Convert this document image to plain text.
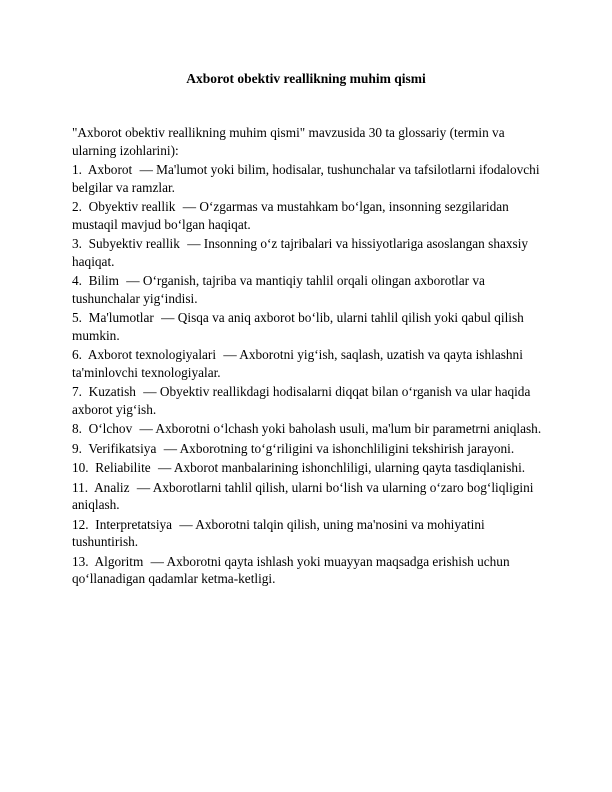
Axborot obektiv reallikning muhim qismi

"Axborot obektiv reallikning muhim qismi" mavzusida 30 ta glossariy (termin va ularning izohlarini):

1. Axborot — Ma'lumot yoki bilim, hodisalar, tushunchalar va tafsilotlarni ifodalovchi belgilar va ramzlar.

2. Obyektiv reallik — O‘zgarmas va mustahkam bo‘lgan, insonning sezgilaridan mustaqil mavjud bo‘lgan haqiqat.

3. Subyektiv reallik — Insonning o‘z tajribalari va hissiyotlariga asoslangan shaxsiy haqiqat.

4. Bilim — O‘rganish, tajriba va mantiqiy tahlil orqali olingan axborotlar va tushunchalar yig‘indisi.

5. Ma'lumotlar — Qisqa va aniq axborot bo‘lib, ularni tahlil qilish yoki qabul qilish mumkin.

6. Axborot texnologiyalari — Axborotni yig‘ish, saqlash, uzatish va qayta ishlashni ta'minlovchi texnologiyalar.

7. Kuzatish — Obyektiv reallikdagi hodisalarni diqqat bilan o‘rganish va ular haqida axborot yig‘ish.

8. O‘lchov — Axborotni o‘lchash yoki baholash usuli, ma'lum bir parametrni aniqlash.

9. Verifikatsiya — Axborotning to‘g‘riligini va ishonchliligini tekshirish jarayoni.

10. Reliabilite — Axborot manbalarining ishonchliligi, ularning qayta tasdiqlanishi.

11. Analiz — Axborotlarni tahlil qilish, ularni bo‘lish va ularning o‘zaro bog‘liqligini aniqlash.

12. Interpretatsiya — Axborotni talqin qilish, uning ma'nosini va mohiyatini tushuntirish.

13. Algoritm — Axborotni qayta ishlash yoki muayyan maqsadga erishish uchun qo‘llanadigan qadamlar ketma-ketligi.
